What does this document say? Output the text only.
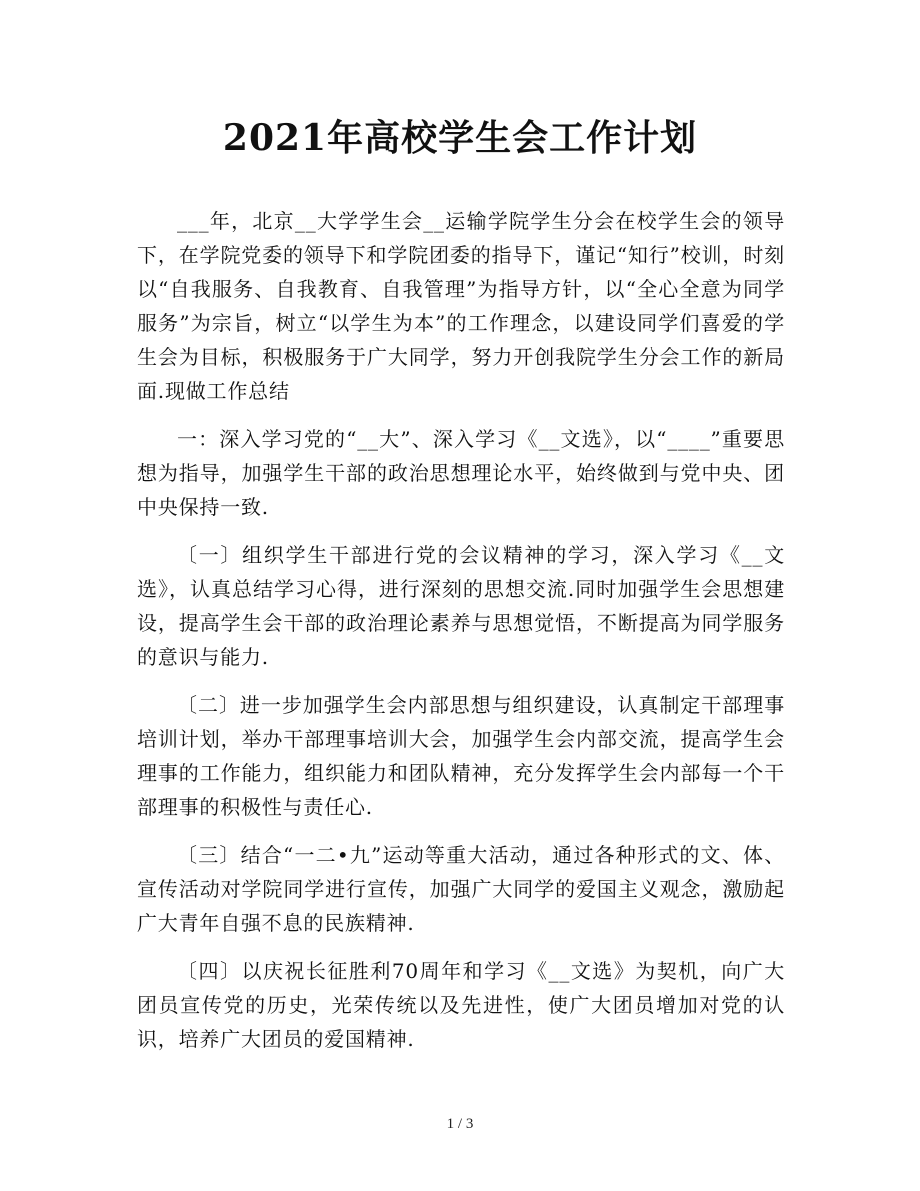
2021年高校学生会工作计划

___年，北京__大学学生会__运输学院学生分会在校学生会的领导下，在学院党委的领导下和学院团委的指导下，谨记“知行”校训，时刻以“自我服务、自我教育、自我管理”为指导方针，以“全心全意为同学服务”为宗旨，树立“以学生为本”的工作理念，以建设同学们喜爱的学生会为目标，积极服务于广大同学，努力开创我院学生分会工作的新局面.现做工作总结

一：深入学习党的“__大”、深入学习《__文选》，以“____”重要思想为指导，加强学生干部的政治思想理论水平，始终做到与党中央、团中央保持一致.

〔一〕组织学生干部进行党的会议精神的学习，深入学习《__文选》，认真总结学习心得，进行深刻的思想交流.同时加强学生会思想建设，提高学生会干部的政治理论素养与思想觉悟，不断提高为同学服务的意识与能力.

〔二〕进一步加强学生会内部思想与组织建设，认真制定干部理事培训计划，举办干部理事培训大会，加强学生会内部交流，提高学生会理事的工作能力，组织能力和团队精神，充分发挥学生会内部每一个干部理事的积极性与责任心.

〔三〕结合“一二•九”运动等重大活动，通过各种形式的文、体、宣传活动对学院同学进行宣传，加强广大同学的爱国主义观念，激励起广大青年自强不息的民族精神.

〔四〕以庆祝长征胜利70周年和学习《__文选》为契机，向广大团员宣传党的历史，光荣传统以及先进性，使广大团员增加对党的认识，培养广大团员的爱国精神.

1 / 3
